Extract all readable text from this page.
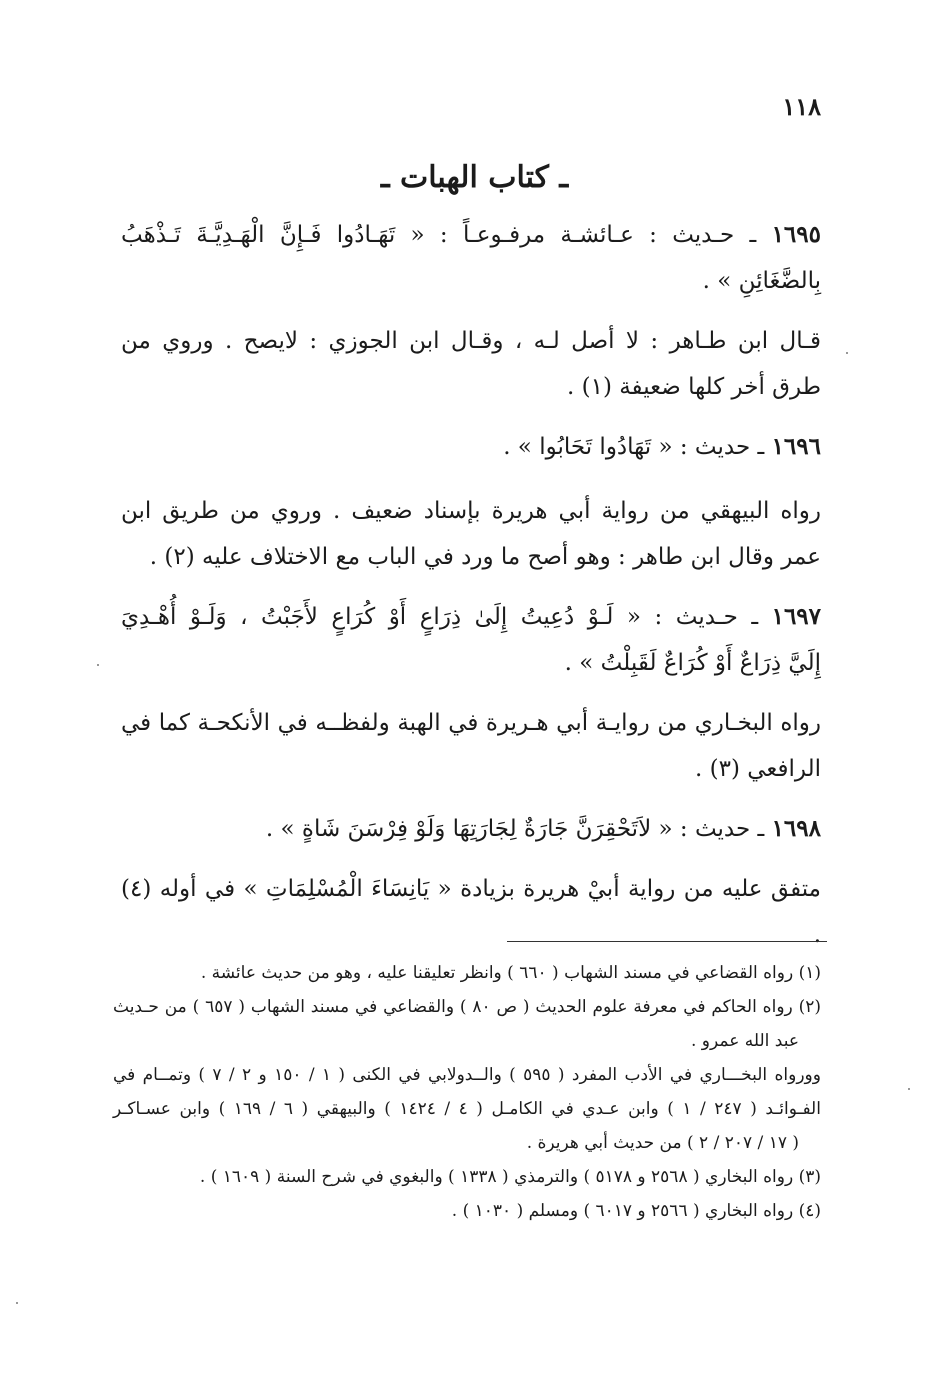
١١٨
ـ كتاب الهبات ـ
١٦٩٥ ـ حـديث : عـائشـة مرفـوعـاً : « تَهَـادُوا فَـإِنَّ الْهَـدِيَّـةَ تَـذْهَبُ
بِالضَّغَائِنِ » .
قـال ابن طـاهر : لا أصل لـه ، وقـال ابن الجوزي : لايصح . وروي من
طرق أخر كلها ضعيفة (١) .
١٦٩٦ ـ حديث : « تَهَادُوا تَحَابُوا » .
رواه البيهقي من رواية أبي هريرة بإسناد ضعيف . وروي من طريق ابن
عمر وقال ابن طاهر : وهو أصح ما ورد في الباب مع الاختلاف عليه (٢) .
١٦٩٧ ـ حـديث : « لَـوْ دُعِيتُ إِلَىٰ ذِرَاعٍ أَوْ كُرَاعٍ لأَجَبْتُ ، وَلَـوْ أُهْـدِيَ
إِلَيَّ ذِرَاعٌ أَوْ كُرَاعٌ لَقَبِلْتُ » .
رواه البخـاري من روايـة أبي هـريرة في الهبة ولفظــه في الأنكحـة كما في
الرافعي (٣) .
١٦٩٨ ـ حديث : « لاَتَحْقِرَنَّ جَارَةٌ لِجَارَتِهَا وَلَوْ فِرْسَنَ شَاةٍ » .
متفق عليه من رواية أبيْ هريرة بزيادة « يَانِسَاءَ الْمُسْلِمَاتِ » في أوله (٤) .
(١) رواه القضاعي في مسند الشهاب ( ٦٦٠ ) وانظر تعليقنا عليه ، وهو من حديث عائشة .
(٢) رواه الحاكم في معرفة علوم الحديث ( ص ٨٠ ) والقضاعي في مسند الشهاب ( ٦٥٧ ) من حـديث
عبد الله عمرو .
وورواه البخـــاري في الأدب المفرد ( ٥٩٥ ) والــدولابي في الكنى ( ١ / ١٥٠ و ٢ / ٧ ) وتمــام في
الفـوائـد ( ٢٤٧ / ١ ) وابن عـدي في الكامـل ( ٤ / ١٤٢٤ ) والبيهقي ( ٦ / ١٦٩ ) وابن عسـاكـر
( ١٧ / ٢٠٧ / ٢ ) من حديث أبي هريرة .
(٣) رواه البخاري ( ٢٥٦٨ و ٥١٧٨ ) والترمذي ( ١٣٣٨ ) والبغوي في شرح السنة ( ١٦٠٩ ) .
(٤) رواه البخاري ( ٢٥٦٦ و ٦٠١٧ ) ومسلم ( ١٠٣٠ ) .
